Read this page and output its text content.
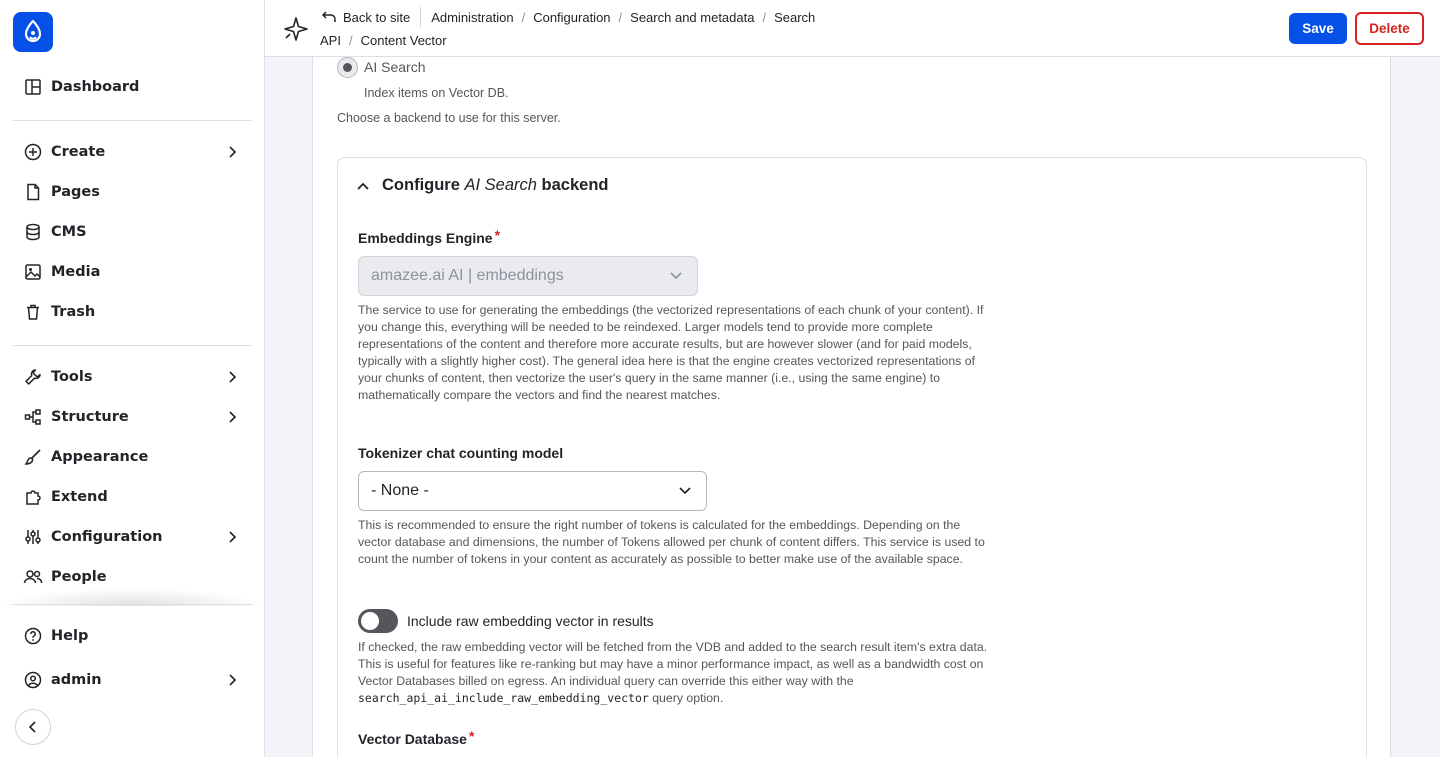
Dashboard
Create
Pages
CMS
Media
Trash
Tools
Structure
Appearance
Extend
Configuration
People
Help
admin
Back to site Administration / Configuration / Search and metadata / Search
API / Content Vector
Save	Delete
AI Search
Index items on Vector DB.
Choose a backend to use for this server.
Configure AI Search backend
Embeddings Engine *
amazee.ai AI | embeddings
The service to use for generating the embeddings (the vectorized representations of each chunk of your content). If you change this, everything will be needed to be reindexed. Larger models tend to provide more complete representations of the content and therefore more accurate results, but are however slower (and for paid models, typically with a slightly higher cost). The general idea here is that the engine creates vectorized representations of your chunks of content, then vectorize the user's query in the same manner (i.e., using the same engine) to mathematically compare the vectors and find the nearest matches.
Tokenizer chat counting model
- None -
This is recommended to ensure the right number of tokens is calculated for the embeddings. Depending on the vector database and dimensions, the number of Tokens allowed per chunk of content differs. This service is used to count the number of tokens in your content as accurately as possible to better make use of the available space.
Include raw embedding vector in results
If checked, the raw embedding vector will be fetched from the VDB and added to the search result item's extra data. This is useful for features like re-ranking but may have a minor performance impact, as well as a bandwidth cost on Vector Databases billed on egress. An individual query can override this either way with the search_api_ai_include_raw_embedding_vector query option.
Vector Database *
